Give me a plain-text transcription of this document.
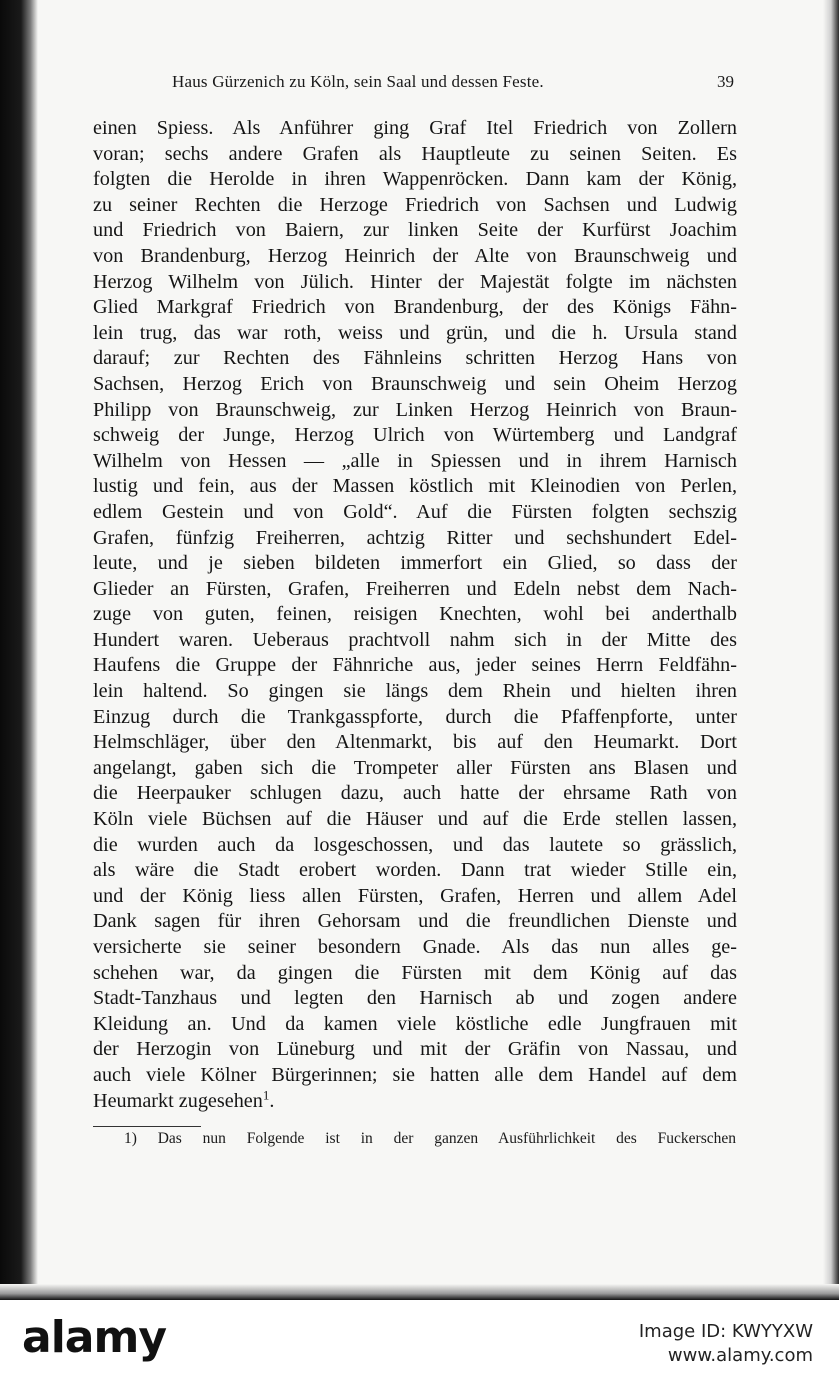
Haus Gürzenich zu Köln, sein Saal und dessen Feste.	39
einen Spiess. Als Anführer ging Graf Itel Friedrich von Zollern
voran; sechs andere Grafen als Hauptleute zu seinen Seiten. Es
folgten die Herolde in ihren Wappenröcken. Dann kam der König,
zu seiner Rechten die Herzoge Friedrich von Sachsen und Ludwig
und Friedrich von Baiern, zur linken Seite der Kurfürst Joachim
von Brandenburg, Herzog Heinrich der Alte von Braunschweig und
Herzog Wilhelm von Jülich. Hinter der Majestät folgte im nächsten
Glied Markgraf Friedrich von Brandenburg, der des Königs Fähn-
lein trug, das war roth, weiss und grün, und die h. Ursula stand
darauf; zur Rechten des Fähnleins schritten Herzog Hans von
Sachsen, Herzog Erich von Braunschweig und sein Oheim Herzog
Philipp von Braunschweig, zur Linken Herzog Heinrich von Braun-
schweig der Junge, Herzog Ulrich von Würtemberg und Landgraf
Wilhelm von Hessen — „alle in Spiessen und in ihrem Harnisch
lustig und fein, aus der Massen köstlich mit Kleinodien von Perlen,
edlem Gestein und von Gold“. Auf die Fürsten folgten sechszig
Grafen, fünfzig Freiherren, achtzig Ritter und sechshundert Edel-
leute, und je sieben bildeten immerfort ein Glied, so dass der
Glieder an Fürsten, Grafen, Freiherren und Edeln nebst dem Nach-
zuge von guten, feinen, reisigen Knechten, wohl bei anderthalb
Hundert waren. Ueberaus prachtvoll nahm sich in der Mitte des
Haufens die Gruppe der Fähnriche aus, jeder seines Herrn Feldfähn-
lein haltend. So gingen sie längs dem Rhein und hielten ihren
Einzug durch die Trankgasspforte, durch die Pfaffenpforte, unter
Helmschläger, über den Altenmarkt, bis auf den Heumarkt. Dort
angelangt, gaben sich die Trompeter aller Fürsten ans Blasen und
die Heerpauker schlugen dazu, auch hatte der ehrsame Rath von
Köln viele Büchsen auf die Häuser und auf die Erde stellen lassen,
die wurden auch da losgeschossen, und das lautete so grässlich,
als wäre die Stadt erobert worden. Dann trat wieder Stille ein,
und der König liess allen Fürsten, Grafen, Herren und allem Adel
Dank sagen für ihren Gehorsam und die freundlichen Dienste und
versicherte sie seiner besondern Gnade. Als das nun alles ge-
schehen war, da gingen die Fürsten mit dem König auf das
Stadt-Tanzhaus und legten den Harnisch ab und zogen andere
Kleidung an. Und da kamen viele köstliche edle Jungfrauen mit
der Herzogin von Lüneburg und mit der Gräfin von Nassau, und
auch viele Kölner Bürgerinnen; sie hatten alle dem Handel auf dem
Heumarkt zugesehen$^1$.
1) Das nun Folgende ist in der ganzen Ausführlichkeit des Fuckerschen
alamy	Image ID: KWYYXW
www.alamy.com
